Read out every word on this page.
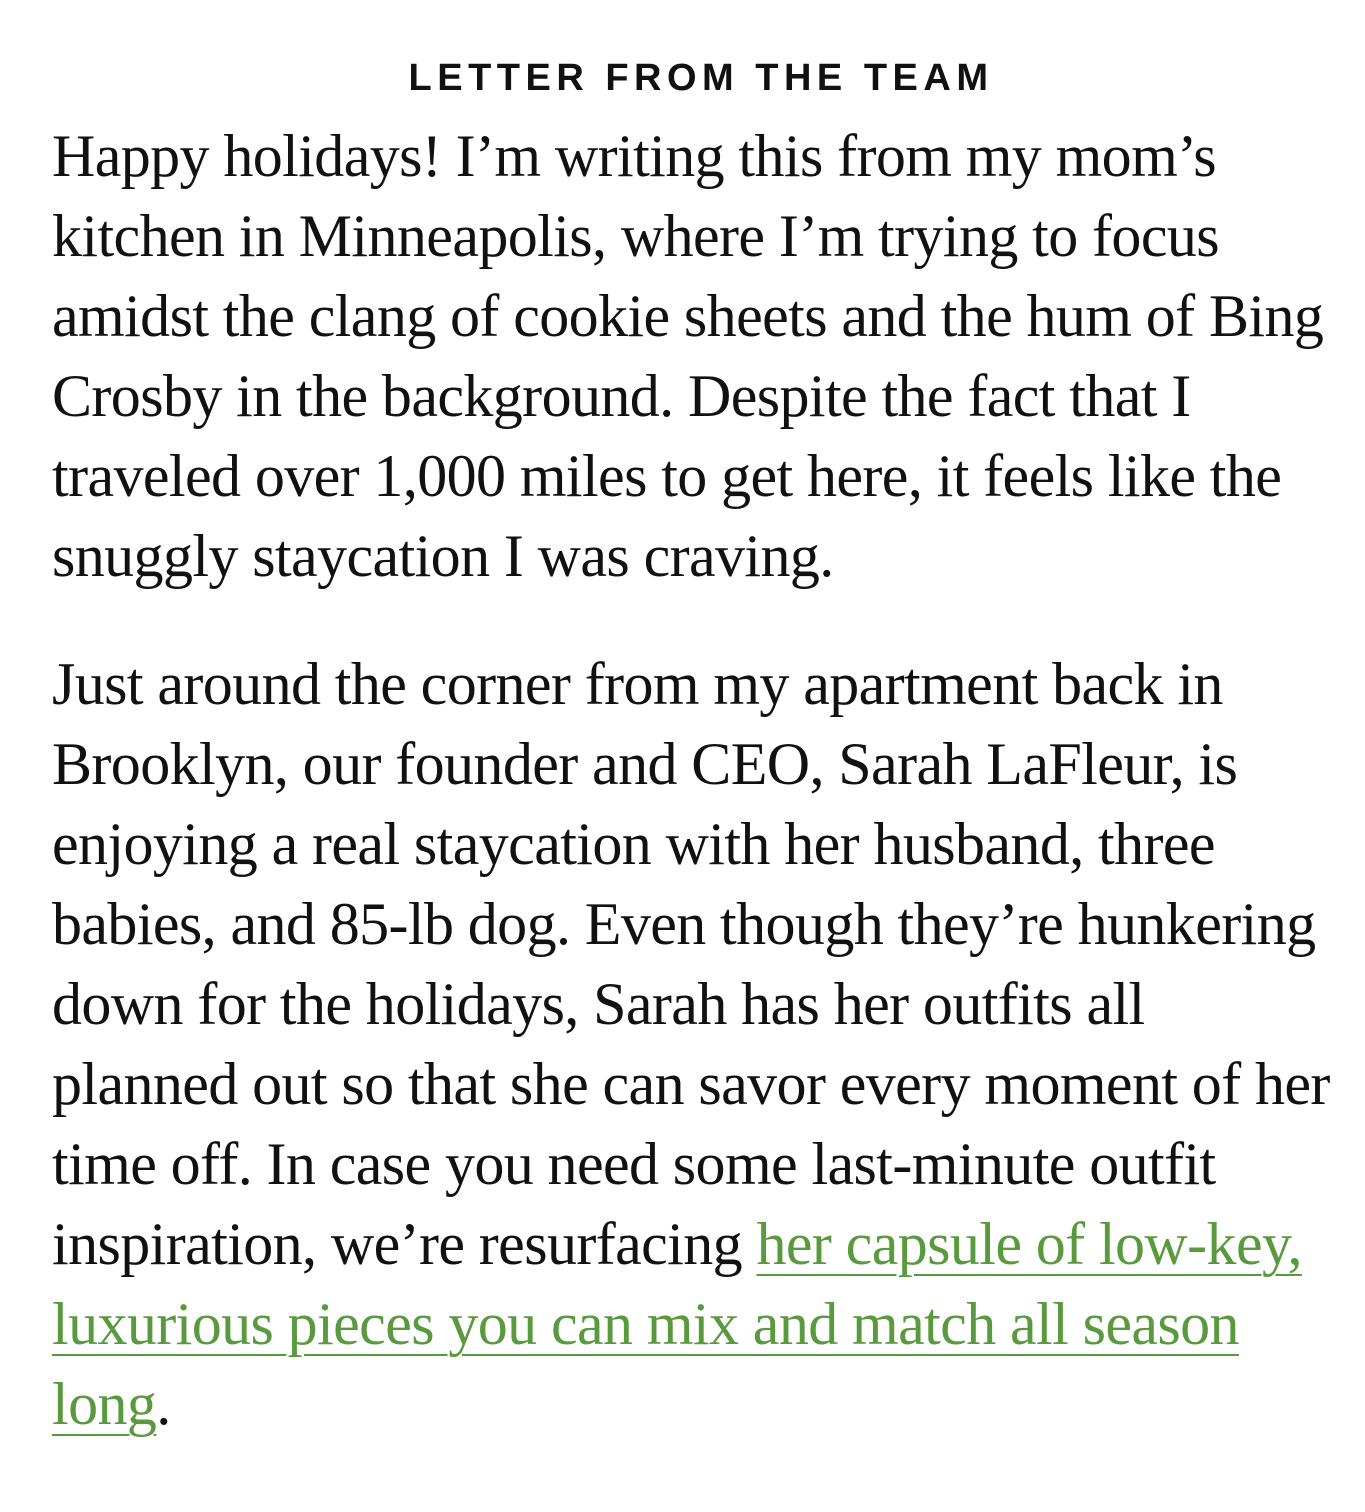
LETTER FROM THE TEAM

Happy holidays! I’m writing this from my mom’s kitchen in Minneapolis, where I’m trying to focus amidst the clang of cookie sheets and the hum of Bing Crosby in the background. Despite the fact that I traveled over 1,000 miles to get here, it feels like the snuggly staycation I was craving.

Just around the corner from my apartment back in Brooklyn, our founder and CEO, Sarah LaFleur, is enjoying a real staycation with her husband, three babies, and 85-lb dog. Even though they’re hunkering down for the holidays, Sarah has her outfits all planned out so that she can savor every moment of her time off. In case you need some last-minute outfit inspiration, we’re resurfacing her capsule of low-key, luxurious pieces you can mix and match all season long.
